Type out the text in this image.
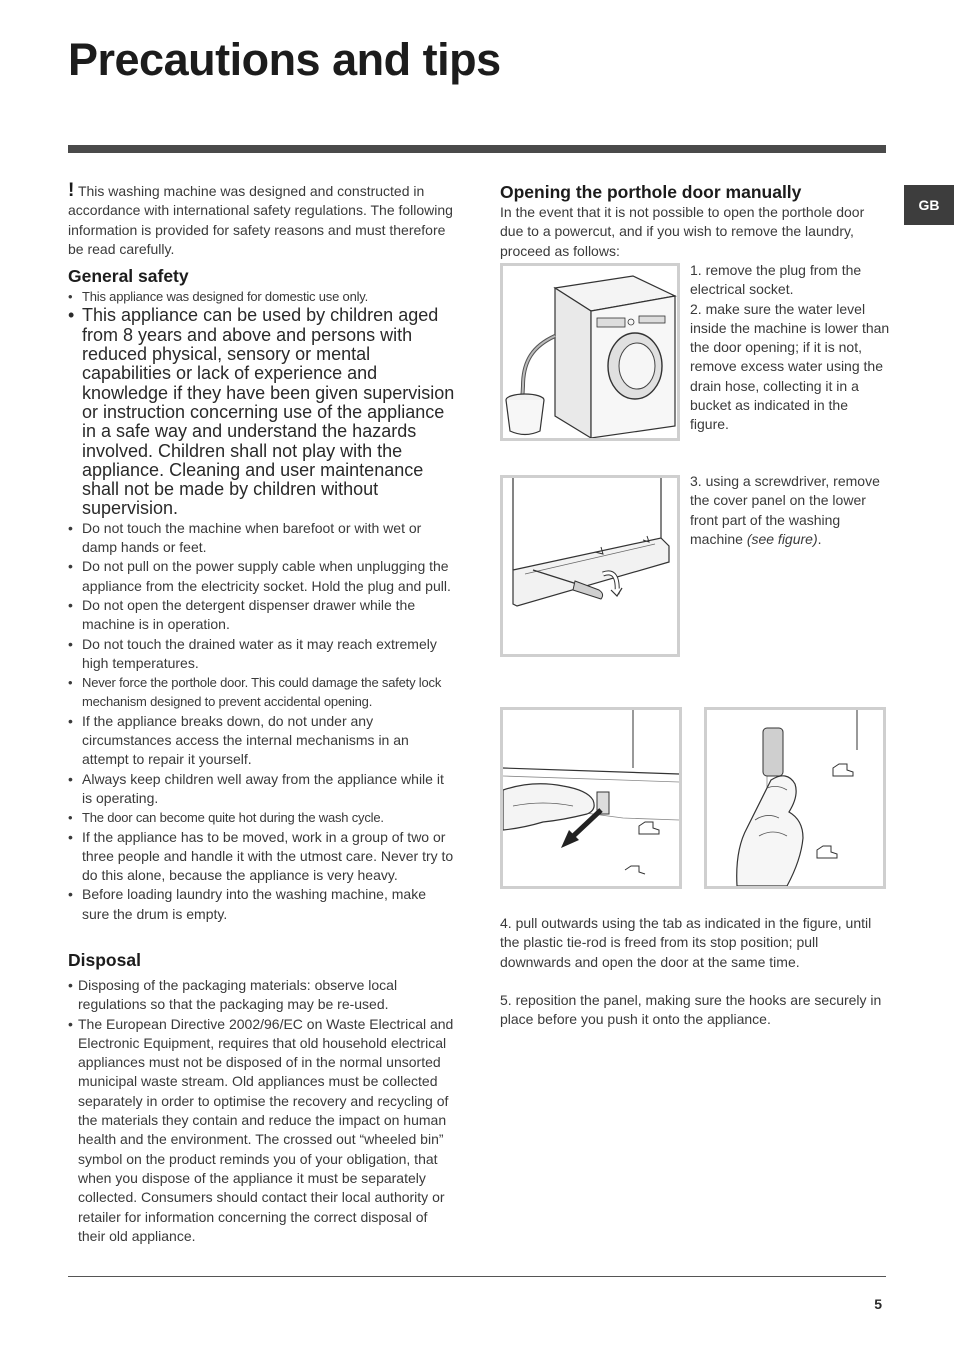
Precautions and tips
GB

! This washing machine was designed and constructed in accordance with international safety regulations. The following information is provided for safety reasons and must therefore be read carefully.

General safety
• This appliance was designed for domestic use only.
• This appliance can be used by children aged from 8 years and above and persons with reduced physical, sensory or mental capabilities or lack of experience and knowledge if they have been given supervision or instruction concerning use of the appliance in a safe way and understand the hazards involved. Children shall not play with the appliance. Cleaning and user maintenance shall not be made by children without supervision.
• Do not touch the machine when barefoot or with wet or damp hands or feet.
• Do not pull on the power supply cable when unplugging the appliance from the electricity socket. Hold the plug and pull.
• Do not open the detergent dispenser drawer while the machine is in operation.
• Do not touch the drained water as it may reach extremely high temperatures.
• Never force the porthole door. This could damage the safety lock mechanism designed to prevent accidental opening.
• If the appliance breaks down, do not under any circumstances access the internal mechanisms in an attempt to repair it yourself.
• Always keep children well away from the appliance while it is operating.
• The door can become quite hot during the wash cycle.
• If the appliance has to be moved, work in a group of two or three people and handle it with the utmost care. Never try to do this alone, because the appliance is very heavy.
• Before loading laundry into the washing machine, make sure the drum is empty.
Disposal
• Disposing of the packaging materials: observe local regulations so that the packaging may be re-used.
• The European Directive 2002/96/EC on Waste Electrical and Electronic Equipment, requires that old household electrical appliances must not be disposed of in the normal unsorted municipal waste stream. Old appliances must be collected separately in order to optimise the recovery and recycling of the materials they contain and reduce the impact on human health and the environment. The crossed out “wheeled bin” symbol on the product reminds you of your obligation, that when you dispose of the appliance it must be separately collected. Consumers should contact their local authority or retailer for information concerning the correct disposal of their old appliance.
Opening the porthole door manually

In the event that it is not possible to open the porthole door due to a powercut, and if you wish to remove the laundry, proceed as follows:

1. remove the plug from the electrical socket.

2. make sure the water level inside the machine is lower than the door opening; if it is not, remove excess water using the drain hose, collecting it in a bucket as indicated in the figure.

3. using a screwdriver, remove the cover panel on the lower front part of the washing machine (see figure).

4. pull outwards using the tab as indicated in the figure, until the plastic tie-rod is freed from its stop position; pull downwards and open the door at the same time.

5. reposition the panel, making sure the hooks are securely in place before you push it onto the appliance.

5
